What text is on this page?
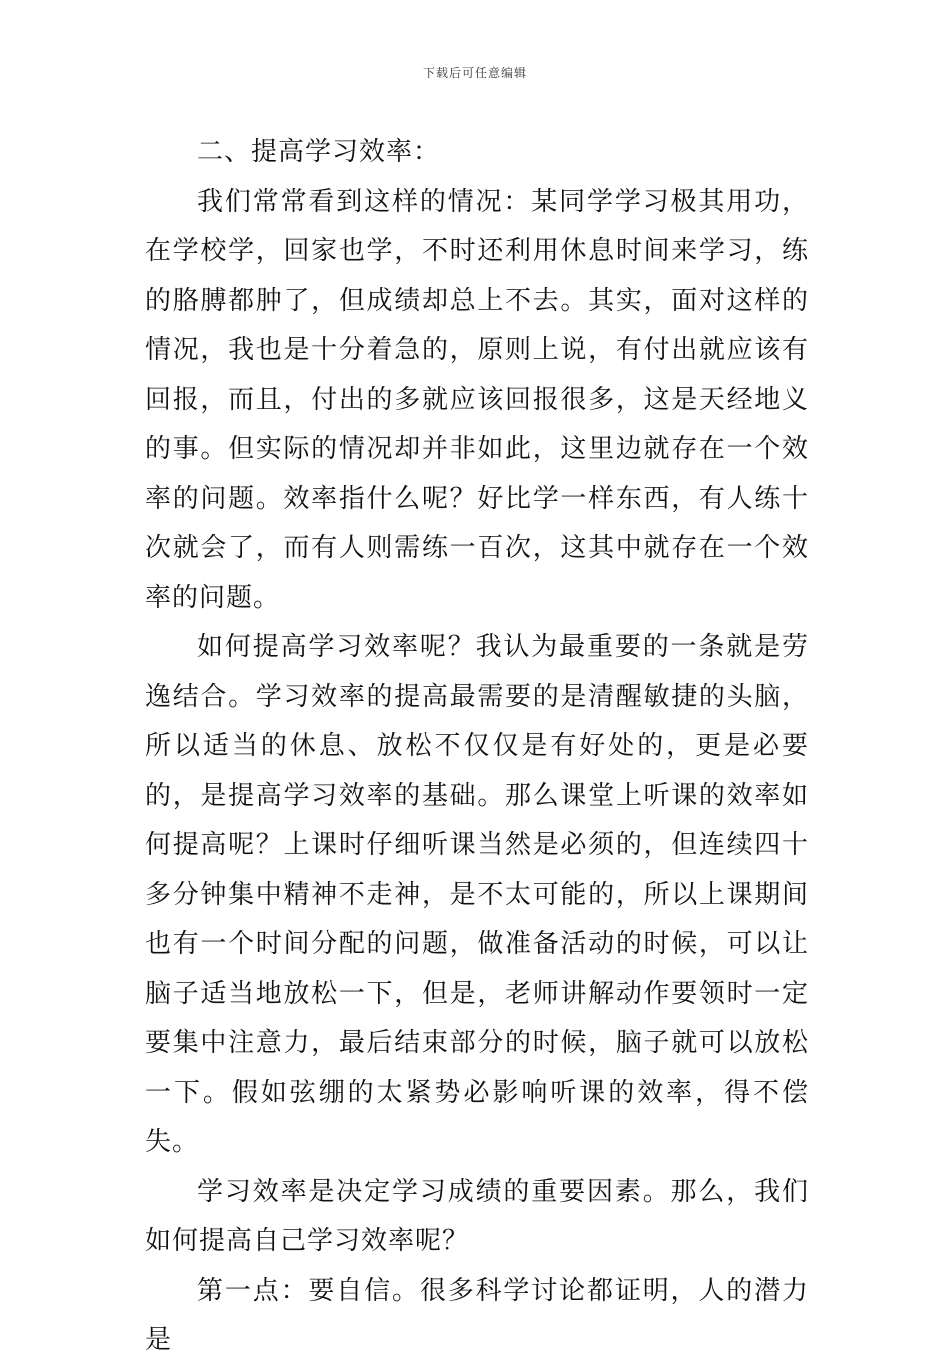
下载后可任意编辑

二、提高学习效率：

我们常常看到这样的情况：某同学学习极其用功，在学校学，回家也学，不时还利用休息时间来学习，练的胳膊都肿了，但成绩却总上不去。其实，面对这样的情况，我也是十分着急的，原则上说，有付出就应该有回报，而且，付出的多就应该回报很多，这是天经地义的事。但实际的情况却并非如此，这里边就存在一个效率的问题。效率指什么呢？好比学一样东西，有人练十次就会了，而有人则需练一百次，这其中就存在一个效率的问题。

如何提高学习效率呢？我认为最重要的一条就是劳逸结合。学习效率的提高最需要的是清醒敏捷的头脑，所以适当的休息、放松不仅仅是有好处的，更是必要的，是提高学习效率的基础。那么课堂上听课的效率如何提高呢？上课时仔细听课当然是必须的，但连续四十多分钟集中精神不走神，是不太可能的，所以上课期间也有一个时间分配的问题，做准备活动的时候，可以让脑子适当地放松一下，但是，老师讲解动作要领时一定要集中注意力，最后结束部分的时候，脑子就可以放松一下。假如弦绷的太紧势必影响听课的效率，得不偿失。

学习效率是决定学习成绩的重要因素。那么，我们如何提高自己学习效率呢？

第一点：要自信。很多科学讨论都证明，人的潜力是
